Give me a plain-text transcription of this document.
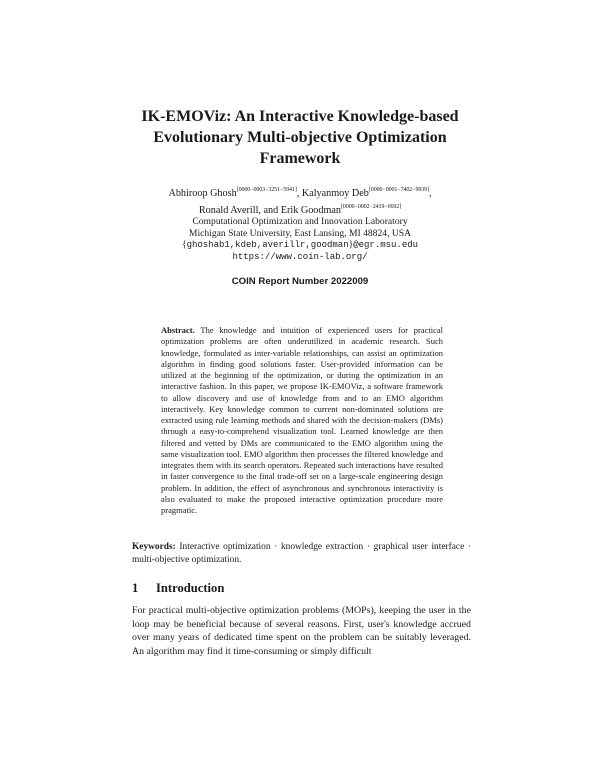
IK-EMOViz: An Interactive Knowledge-based
Evolutionary Multi-objective Optimization
Framework
Abhiroop Ghosh[0000−0003−3251−5941], Kalyanmoy Deb[0000−0001−7402−9939],
Ronald Averill, and Erik Goodman[0000−0002−2419−0692]
Computational Optimization and Innovation Laboratory
Michigan State University, East Lansing, MI 48824, USA
{ghoshab1,kdeb,averillr,goodman}@egr.msu.edu
https://www.coin-lab.org/
COIN Report Number 2022009
Abstract. The knowledge and intuition of experienced users for practical optimization problems are often underutilized in academic research. Such knowledge, formulated as inter-variable relationships, can assist an optimization algorithm in finding good solutions faster. User-provided information can be utilized at the beginning of the optimization, or during the optimization in an interactive fashion. In this paper, we propose IK-EMOViz, a software framework to allow discovery and use of knowledge from and to an EMO algorithm interactively. Key knowledge common to current non-dominated solutions are extracted using rule learning methods and shared with the decision-makers (DMs) through a easy-to-comprehend visualization tool. Learned knowledge are then filtered and vetted by DMs are communicated to the EMO algorithm using the same visualization tool. EMO algorithm then processes the filtered knowledge and integrates them with its search operators. Repeated such interactions have resulted in faster convergence to the final trade-off set on a large-scale engineering design problem. In addition, the effect of asynchronous and synchronous interactivity is also evaluated to make the proposed interactive optimization procedure more pragmatic.
Keywords: Interactive optimization · knowledge extraction · graphical user interface · multi-objective optimization.
1 Introduction
For practical multi-objective optimization problems (MOPs), keeping the user in the loop may be beneficial because of several reasons. First, user's knowledge accrued over many years of dedicated time spent on the problem can be suitably leveraged. An algorithm may find it time-consuming or simply difficult
